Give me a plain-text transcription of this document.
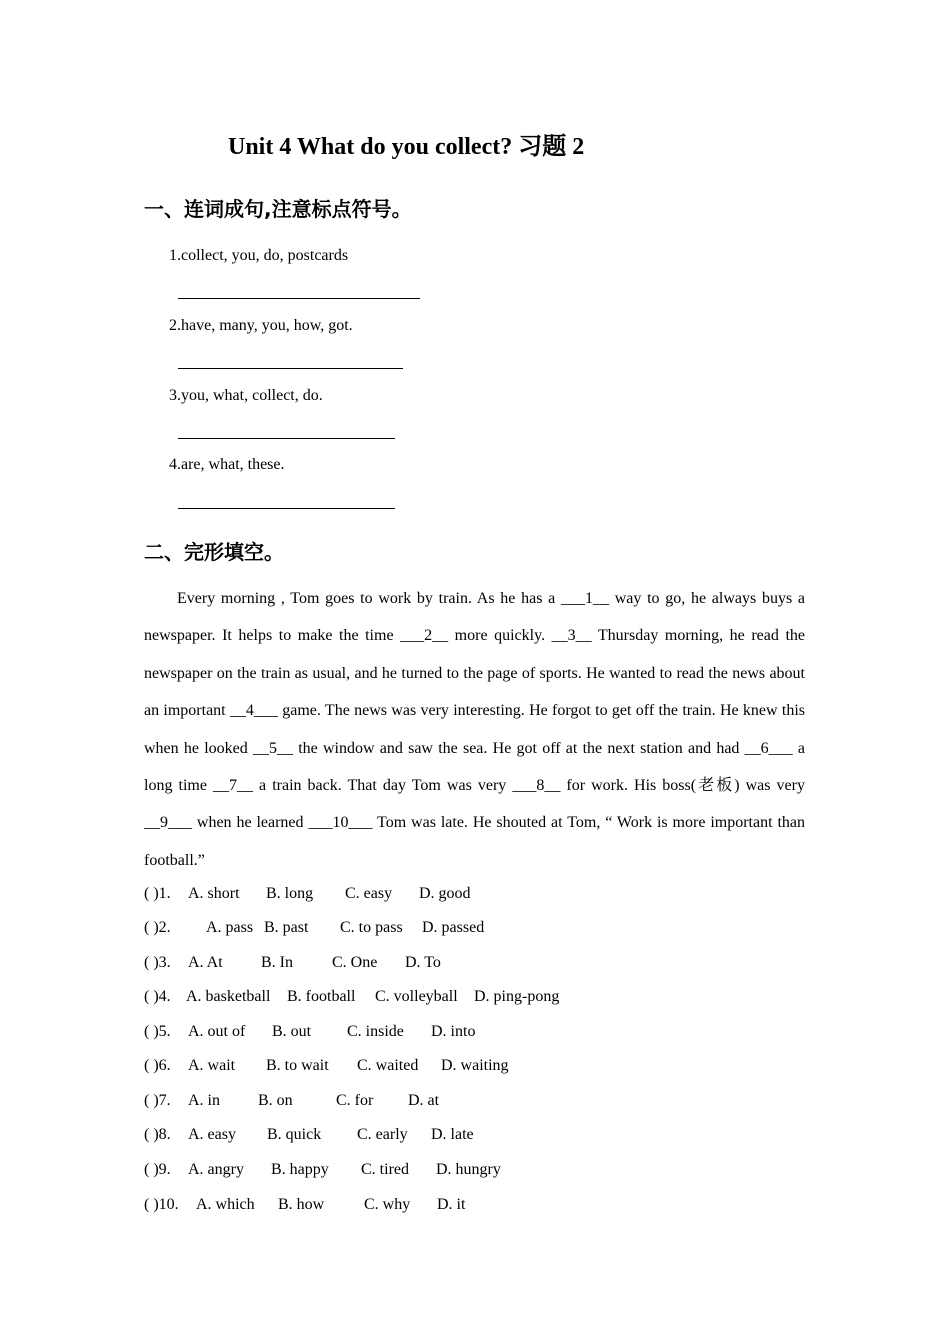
Unit 4 What do you collect? 习题 2
一、连词成句,注意标点符号。
1.collect, you, do, postcards
2.have, many, you, how, got.
3.you, what, collect, do.
4.are, what, these.
二、完形填空。

Every morning , Tom goes to work by train. As he has a ___1__ way to go, he always buys a newspaper. It helps to make the time ___2__ more quickly. __3__ Thursday morning, he read the newspaper on the train as usual, and he turned to the page of sports. He wanted to read the news about an important __4___ game. The news was very interesting. He forgot to get off the train. He knew this when he looked __5__ the window and saw the sea. He got off at the next station and had __6___ a long time __7__ a train back. That day Tom was very ___8__ for work. His boss(老板) was very __9___ when he learned ___10___ Tom was late. He shouted at Tom, “ Work is more important than football.”

( )1. A. short B. long C. easy D. good
( )2. A. pass B. past C. to pass D. passed
( )3. A. At B. In C. One D. To
( )4. A. basketball B. football C. volleyball D. ping-pong
( )5. A. out of B. out C. inside D. into
( )6. A. wait B. to wait C. waited D. waiting
( )7. A. in B. on	C. for D. at
( )8. A. easy B. quick C. early D. late
( )9. A. angry B. happy C. tired D. hungry
( )10. A. which B. how C. why D. it
